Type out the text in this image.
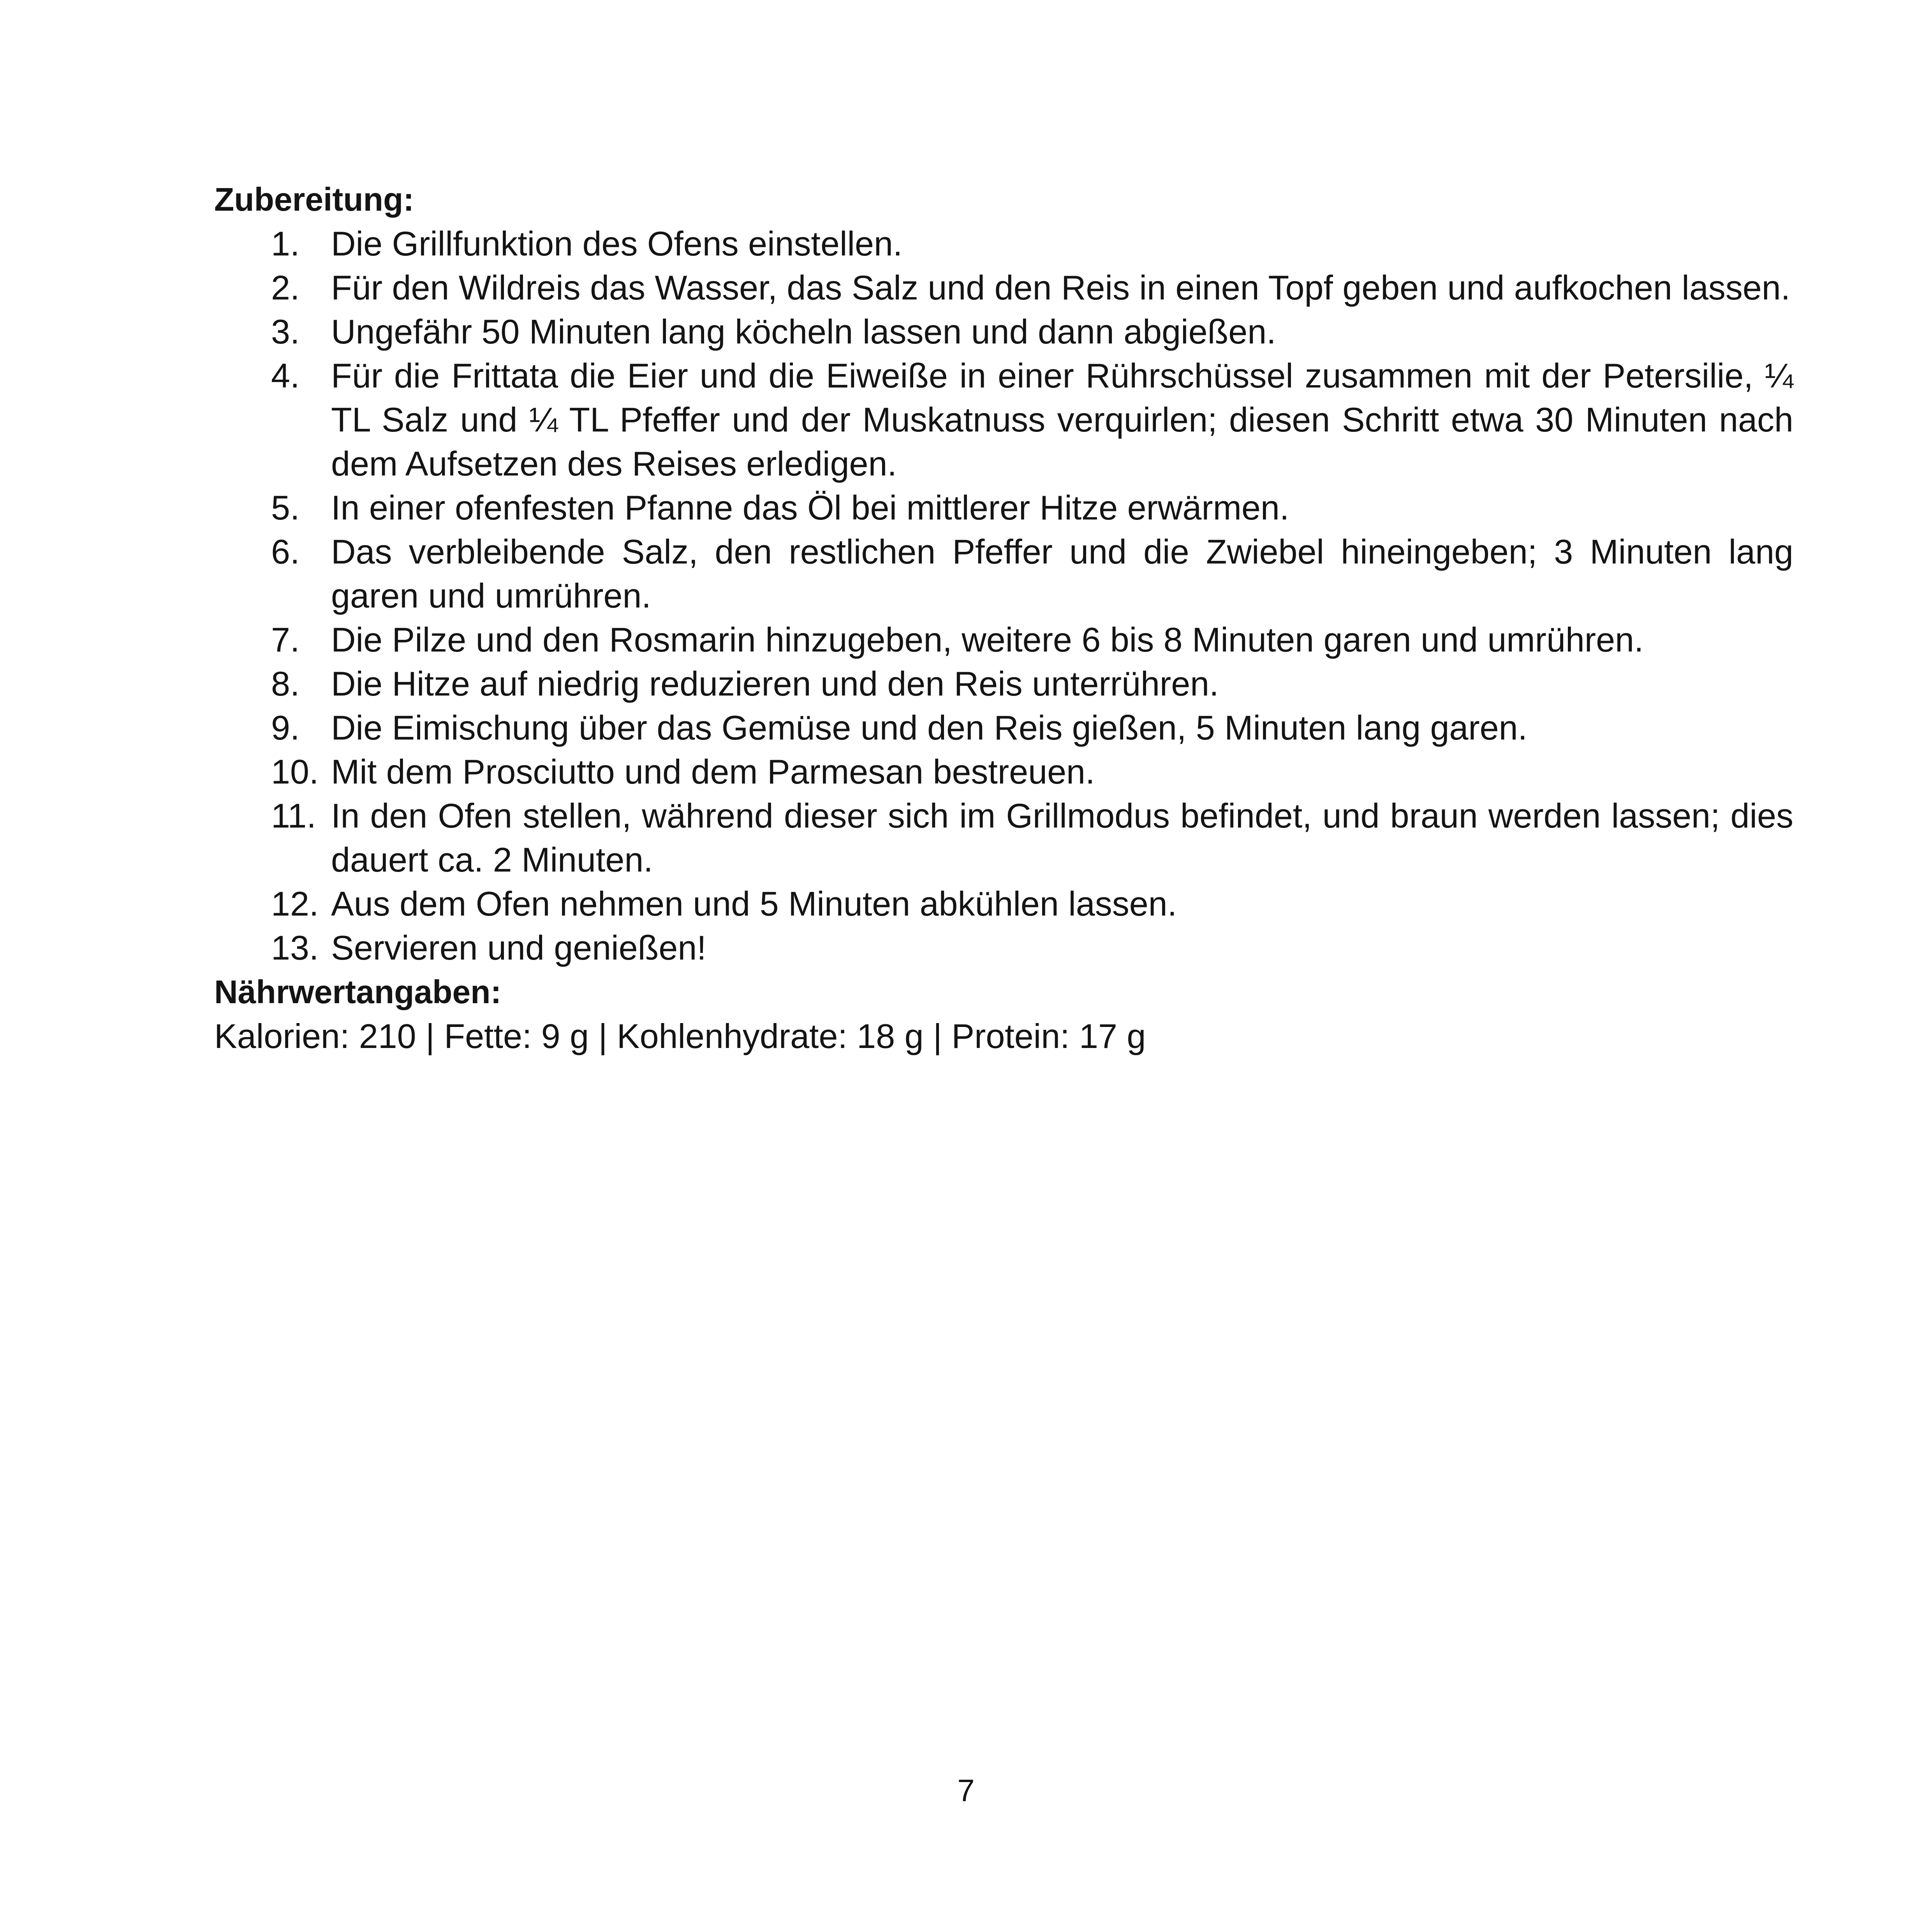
Zubereitung:
1. Die Grillfunktion des Ofens einstellen.
2. Für den Wildreis das Wasser, das Salz und den Reis in einen Topf geben und aufkochen lassen.
3. Ungefähr 50 Minuten lang köcheln lassen und dann abgießen.
4. Für die Frittata die Eier und die Eiweiße in einer Rührschüssel zusammen mit der Petersilie, ¼ TL Salz und ¼ TL Pfeffer und der Muskatnuss verquirlen; diesen Schritt etwa 30 Minuten nach dem Aufsetzen des Reises erledigen.
5. In einer ofenfesten Pfanne das Öl bei mittlerer Hitze erwärmen.
6. Das verbleibende Salz, den restlichen Pfeffer und die Zwiebel hineingeben; 3 Minuten lang garen und umrühren.
7. Die Pilze und den Rosmarin hinzugeben, weitere 6 bis 8 Minuten garen und umrühren.
8. Die Hitze auf niedrig reduzieren und den Reis unterrühren.
9. Die Eimischung über das Gemüse und den Reis gießen, 5 Minuten lang garen.
10. Mit dem Prosciutto und dem Parmesan bestreuen.
11. In den Ofen stellen, während dieser sich im Grillmodus befindet, und braun werden lassen; dies dauert ca. 2 Minuten.
12. Aus dem Ofen nehmen und 5 Minuten abkühlen lassen.
13. Servieren und genießen!
Nährwertangaben:

Kalorien: 210 | Fette: 9 g | Kohlenhydrate: 18 g | Protein: 17 g

7
